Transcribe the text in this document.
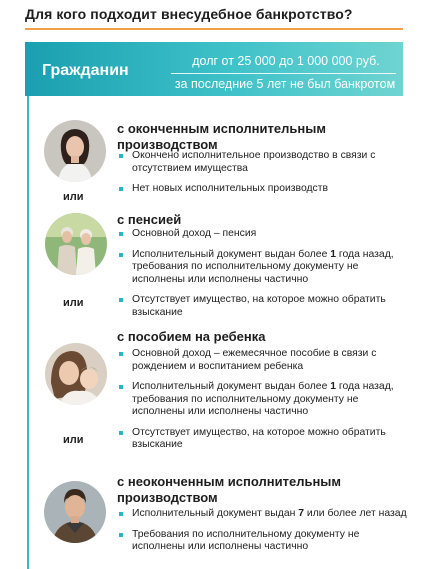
Для кого подходит внесудебное банкротство?
Гражданин
долг от 25 000 до 1 000 000 руб.
за последние 5 лет не был банкротом
с оконченным исполнительным
производством
Окончено исполнительное производство в связи с отсутствием имущества
Нет новых исполнительных производств
или
с пенсией
Основной доход – пенсия
Исполнительный документ выдан более 1 года назад, требования по исполнительному документу не исполнены или исполнены частично
Отсутствует имущество, на которое можно обратить взыскание
или
с пособием на ребенка
Основной доход – ежемесячное пособие в связи с рождением и воспитанием ребенка
Исполнительный документ выдан более 1 года назад, требования по исполнительному документу не исполнены или исполнены частично
Отсутствует имущество, на которое можно обратить взыскание
или
с неоконченным исполнительным
производством
Исполнительный документ выдан 7 или более лет назад
Требования по исполнительному документу не исполнены или исполнены частично
